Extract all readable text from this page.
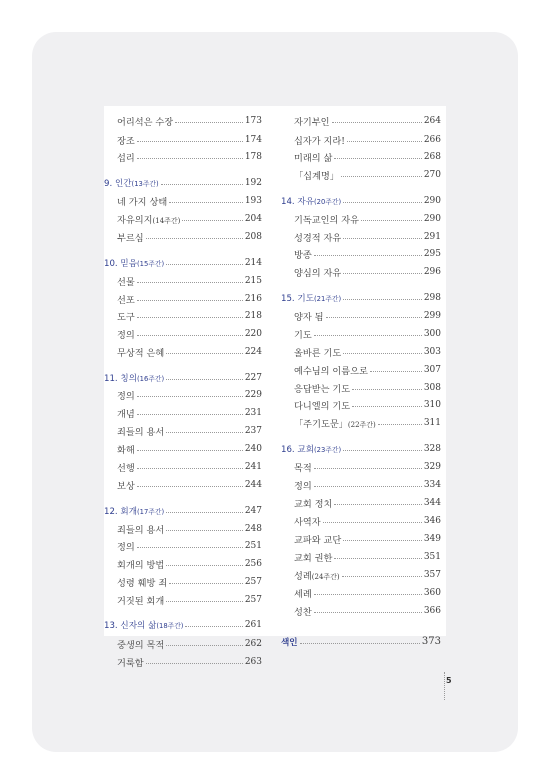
어리석은 수장	173
장조	174
섭리	178
9. 인간(13주간)	192
네 가지 상태	193
자유의지(14주간)	204
부르심	208
10. 믿음(15주간)	214
선물	215
선포	216
도구	218
정의	220
무상적 은혜	224
11. 칭의(16주간)	227
정의	229
개념	231
죄들의 용서	237
화해	240
선행	241
보상	244
12. 회개(17주간)	247
죄들의 용서	248
정의	251
회개의 방법	256
성령 훼방 죄	257
거짓된 회개	257
13. 신자의 삶(18주간)	261
중생의 목적	262
거룩함	263
자기부인	264
십자가 지라!	266
미래의 삶	268
「십계명」	270
14. 자유(20주간)	290
기독교인의 자유	290
성경적 자유	291
방종	295
양심의 자유	296
15. 기도(21주간)	298
양자 됨	299
기도	300
올바른 기도	303
예수님의 이름으로	307
응답받는 기도	308
다니엘의 기도	310
「주기도문」(22주간)	311
16. 교회(23주간)	328
목적	329
정의	334
교회 정치	344
사역자	346
교파와 교단	349
교회 권한	351
성례(24주간)	357
세례	360
성찬	366
색인	373
5
